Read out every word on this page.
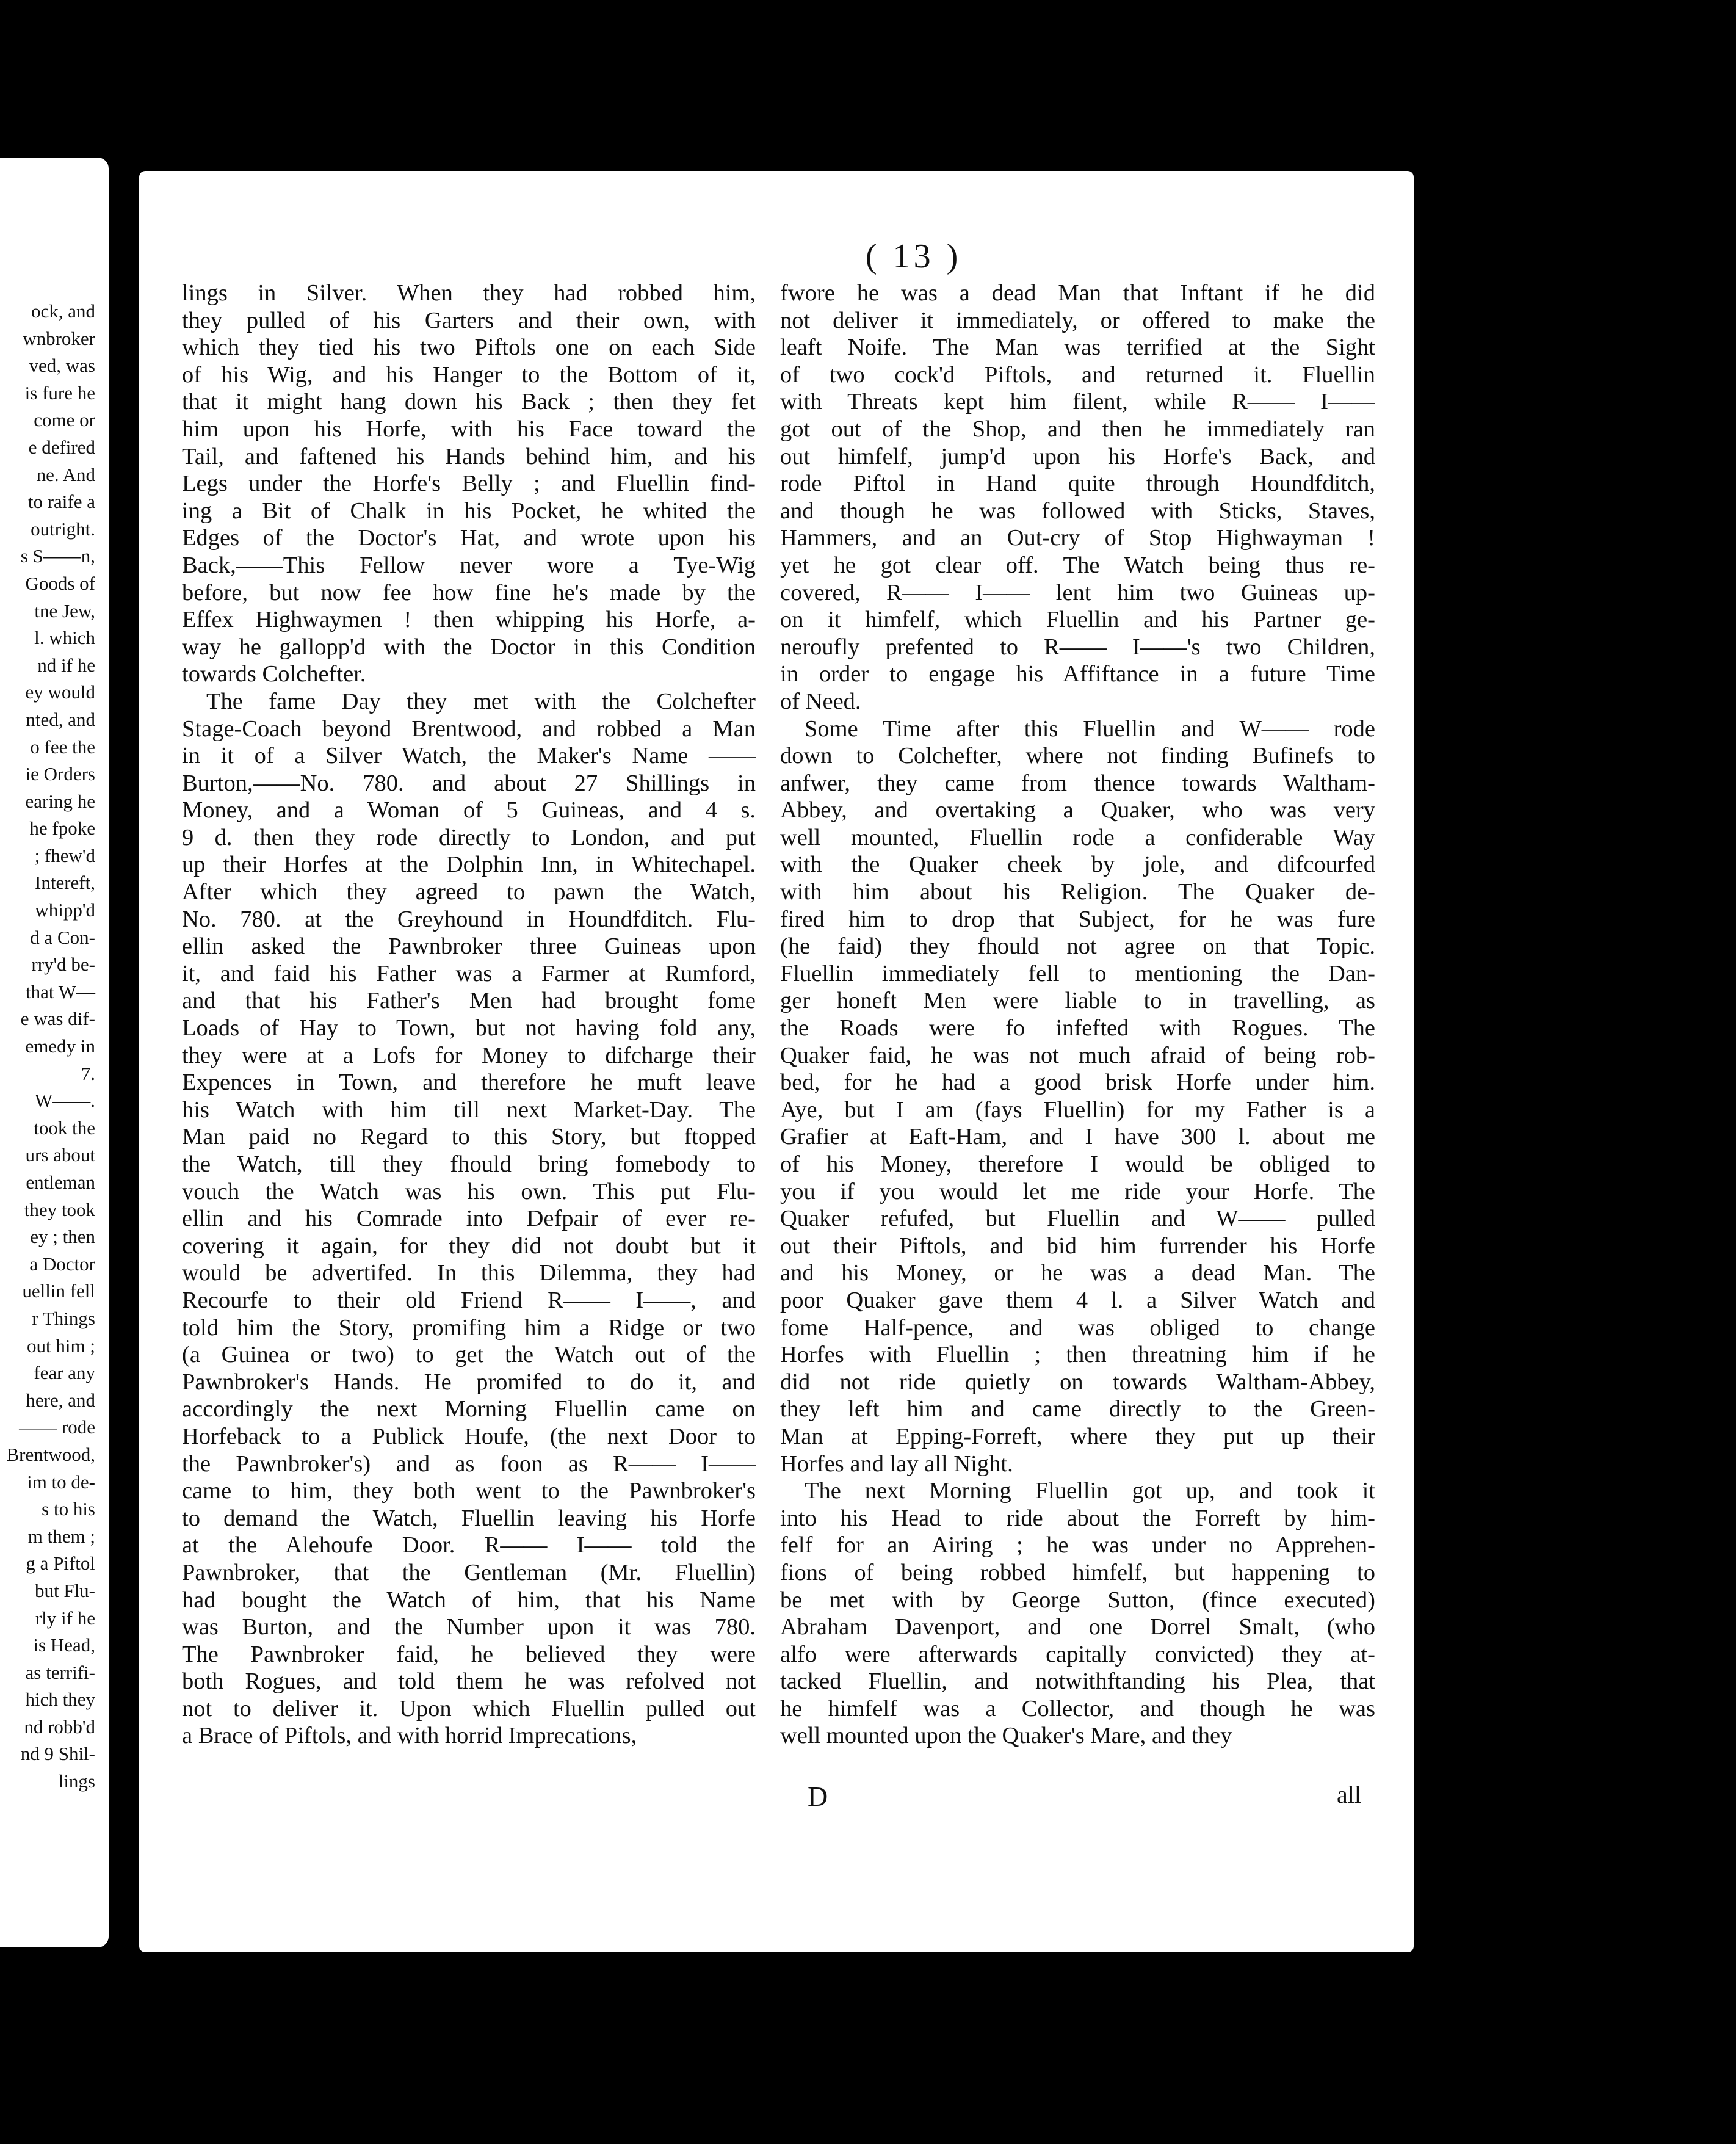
ock, and
wnbroker
ved, was
is fure he
come or
e defired
ne. And
to raife a
outright.
s S——n,
Goods of
tne Jew,
l. which
nd if he
ey would
nted, and
o fee the
ie Orders
earing he
he fpoke
; fhew'd
Intereft,
whipp'd
d a Con-
rry'd be-
that W—
e was dif-
emedy in
7.
W——.
took the
urs about
entleman
they took
ey ; then
a Doctor
uellin fell
r Things
out him ;
fear any
here, and
—— rode
Brentwood,
im to de-
s to his
m them ;
g a Piftol
but Flu-
rly if he
is Head,
as terrifi-
hich they
nd robb'd
nd 9 Shil-
lings
( 13 )
lings in Silver. When they had robbed him,
they pulled of his Garters and their own, with
which they tied his two Piftols one on each Side
of his Wig, and his Hanger to the Bottom of it,
that it might hang down his Back ; then they fet
him upon his Horfe, with his Face toward the
Tail, and faftened his Hands behind him, and his
Legs under the Horfe's Belly ; and Fluellin find-
ing a Bit of Chalk in his Pocket, he whited the
Edges of the Doctor's Hat, and wrote upon his
Back,——This Fellow never wore a Tye-Wig
before, but now fee how fine he's made by the
Effex Highwaymen ! then whipping his Horfe, a-
way he gallopp'd with the Doctor in this Condition
towards Colchefter.
The fame Day they met with the Colchefter
Stage-Coach beyond Brentwood, and robbed a Man
in it of a Silver Watch, the Maker's Name ——
Burton,——No. 780. and about 27 Shillings in
Money, and a Woman of 5 Guineas, and 4 s.
9 d. then they rode directly to London, and put
up their Horfes at the Dolphin Inn, in Whitechapel.
After which they agreed to pawn the Watch,
No. 780. at the Greyhound in Houndfditch. Flu-
ellin asked the Pawnbroker three Guineas upon
it, and faid his Father was a Farmer at Rumford,
and that his Father's Men had brought fome
Loads of Hay to Town, but not having fold any,
they were at a Lofs for Money to difcharge their
Expences in Town, and therefore he muft leave
his Watch with him till next Market-Day. The
Man paid no Regard to this Story, but ftopped
the Watch, till they fhould bring fomebody to
vouch the Watch was his own. This put Flu-
ellin and his Comrade into Defpair of ever re-
covering it again, for they did not doubt but it
would be advertifed. In this Dilemma, they had
Recourfe to their old Friend R—— I——, and
told him the Story, promifing him a Ridge or two
(a Guinea or two) to get the Watch out of the
Pawnbroker's Hands. He promifed to do it, and
accordingly the next Morning Fluellin came on
Horfeback to a Publick Houfe, (the next Door to
the Pawnbroker's) and as foon as R—— I——
came to him, they both went to the Pawnbroker's
to demand the Watch, Fluellin leaving his Horfe
at the Alehoufe Door. R—— I—— told the
Pawnbroker, that the Gentleman (Mr. Fluellin)
had bought the Watch of him, that his Name
was Burton, and the Number upon it was 780.
The Pawnbroker faid, he believed they were
both Rogues, and told them he was refolved not
not to deliver it. Upon which Fluellin pulled out
a Brace of Piftols, and with horrid Imprecations,
fwore he was a dead Man that Inftant if he did
not deliver it immediately, or offered to make the
leaft Noife. The Man was terrified at the Sight
of two cock'd Piftols, and returned it. Fluellin
with Threats kept him filent, while R—— I——
got out of the Shop, and then he immediately ran
out himfelf, jump'd upon his Horfe's Back, and
rode Piftol in Hand quite through Houndfditch,
and though he was followed with Sticks, Staves,
Hammers, and an Out-cry of Stop Highwayman !
yet he got clear off. The Watch being thus re-
covered, R—— I—— lent him two Guineas up-
on it himfelf, which Fluellin and his Partner ge-
neroufly prefented to R—— I——'s two Children,
in order to engage his Affiftance in a future Time
of Need.
Some Time after this Fluellin and W—— rode
down to Colchefter, where not finding Bufinefs to
anfwer, they came from thence towards Waltham-
Abbey, and overtaking a Quaker, who was very
well mounted, Fluellin rode a confiderable Way
with the Quaker cheek by jole, and difcourfed
with him about his Religion. The Quaker de-
fired him to drop that Subject, for he was fure
(he faid) they fhould not agree on that Topic.
Fluellin immediately fell to mentioning the Dan-
ger honeft Men were liable to in travelling, as
the Roads were fo infefted with Rogues. The
Quaker faid, he was not much afraid of being rob-
bed, for he had a good brisk Horfe under him.
Aye, but I am (fays Fluellin) for my Father is a
Grafier at Eaft-Ham, and I have 300 l. about me
of his Money, therefore I would be obliged to
you if you would let me ride your Horfe. The
Quaker refufed, but Fluellin and W—— pulled
out their Piftols, and bid him furrender his Horfe
and his Money, or he was a dead Man. The
poor Quaker gave them 4 l. a Silver Watch and
fome Half-pence, and was obliged to change
Horfes with Fluellin ; then threatning him if he
did not ride quietly on towards Waltham-Abbey,
they left him and came directly to the Green-
Man at Epping-Forreft, where they put up their
Horfes and lay all Night.
The next Morning Fluellin got up, and took it
into his Head to ride about the Forreft by him-
felf for an Airing ; he was under no Apprehen-
fions of being robbed himfelf, but happening to
be met with by George Sutton, (fince executed)
Abraham Davenport, and one Dorrel Smalt, (who
alfo were afterwards capitally convicted) they at-
tacked Fluellin, and notwithftanding his Plea, that
he himfelf was a Collector, and though he was
well mounted upon the Quaker's Mare, and they
D	all
